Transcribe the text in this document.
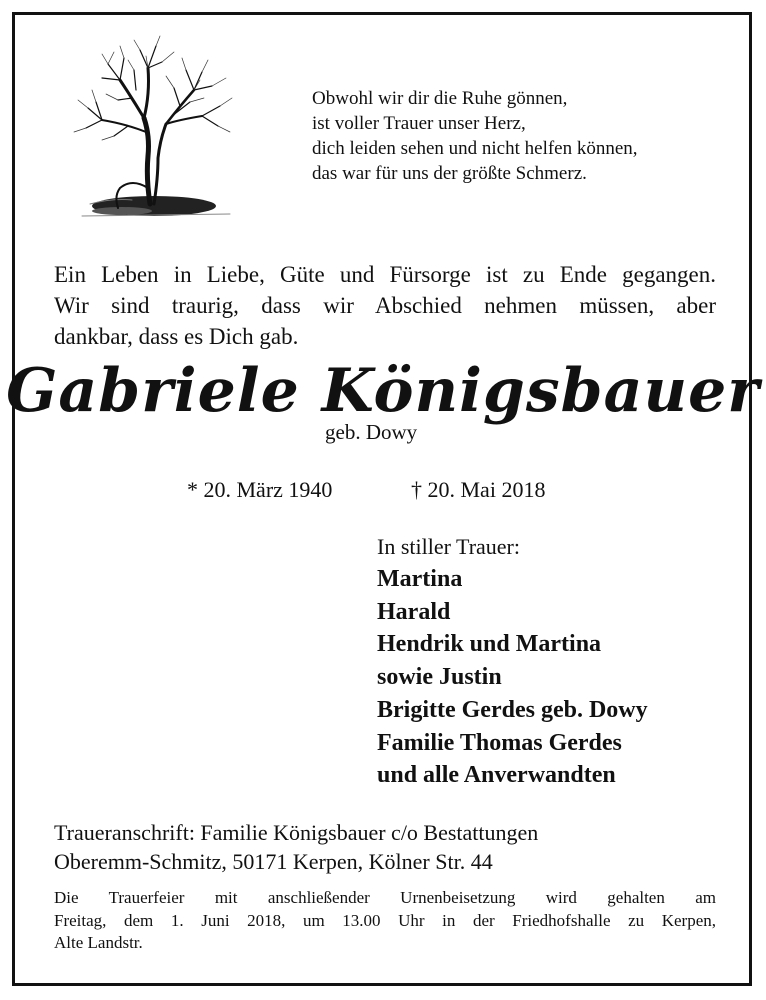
Obwohl wir dir die Ruhe gönnen,
ist voller Trauer unser Herz,
dich leiden sehen und nicht helfen können,
das war für uns der größte Schmerz.
Ein Leben in Liebe, Güte und Fürsorge ist zu Ende gegangen.
Wir sind traurig, dass wir Abschied nehmen müssen, aber
dankbar, dass es Dich gab.
Gabriele Königsbauer
geb. Dowy
* 20. März 1940	† 20. Mai 2018
In stiller Trauer:
Martina
Harald
Hendrik und Martina
sowie Justin
Brigitte Gerdes geb. Dowy
Familie Thomas Gerdes
und alle Anverwandten
Traueranschrift: Familie Königsbauer c/o Bestattungen
Oberemm-Schmitz, 50171 Kerpen, Kölner Str. 44
Die Trauerfeier mit anschließender Urnenbeisetzung wird gehalten am
Freitag, dem 1. Juni 2018, um 13.00 Uhr in der Friedhofshalle zu Kerpen,
Alte Landstr.
